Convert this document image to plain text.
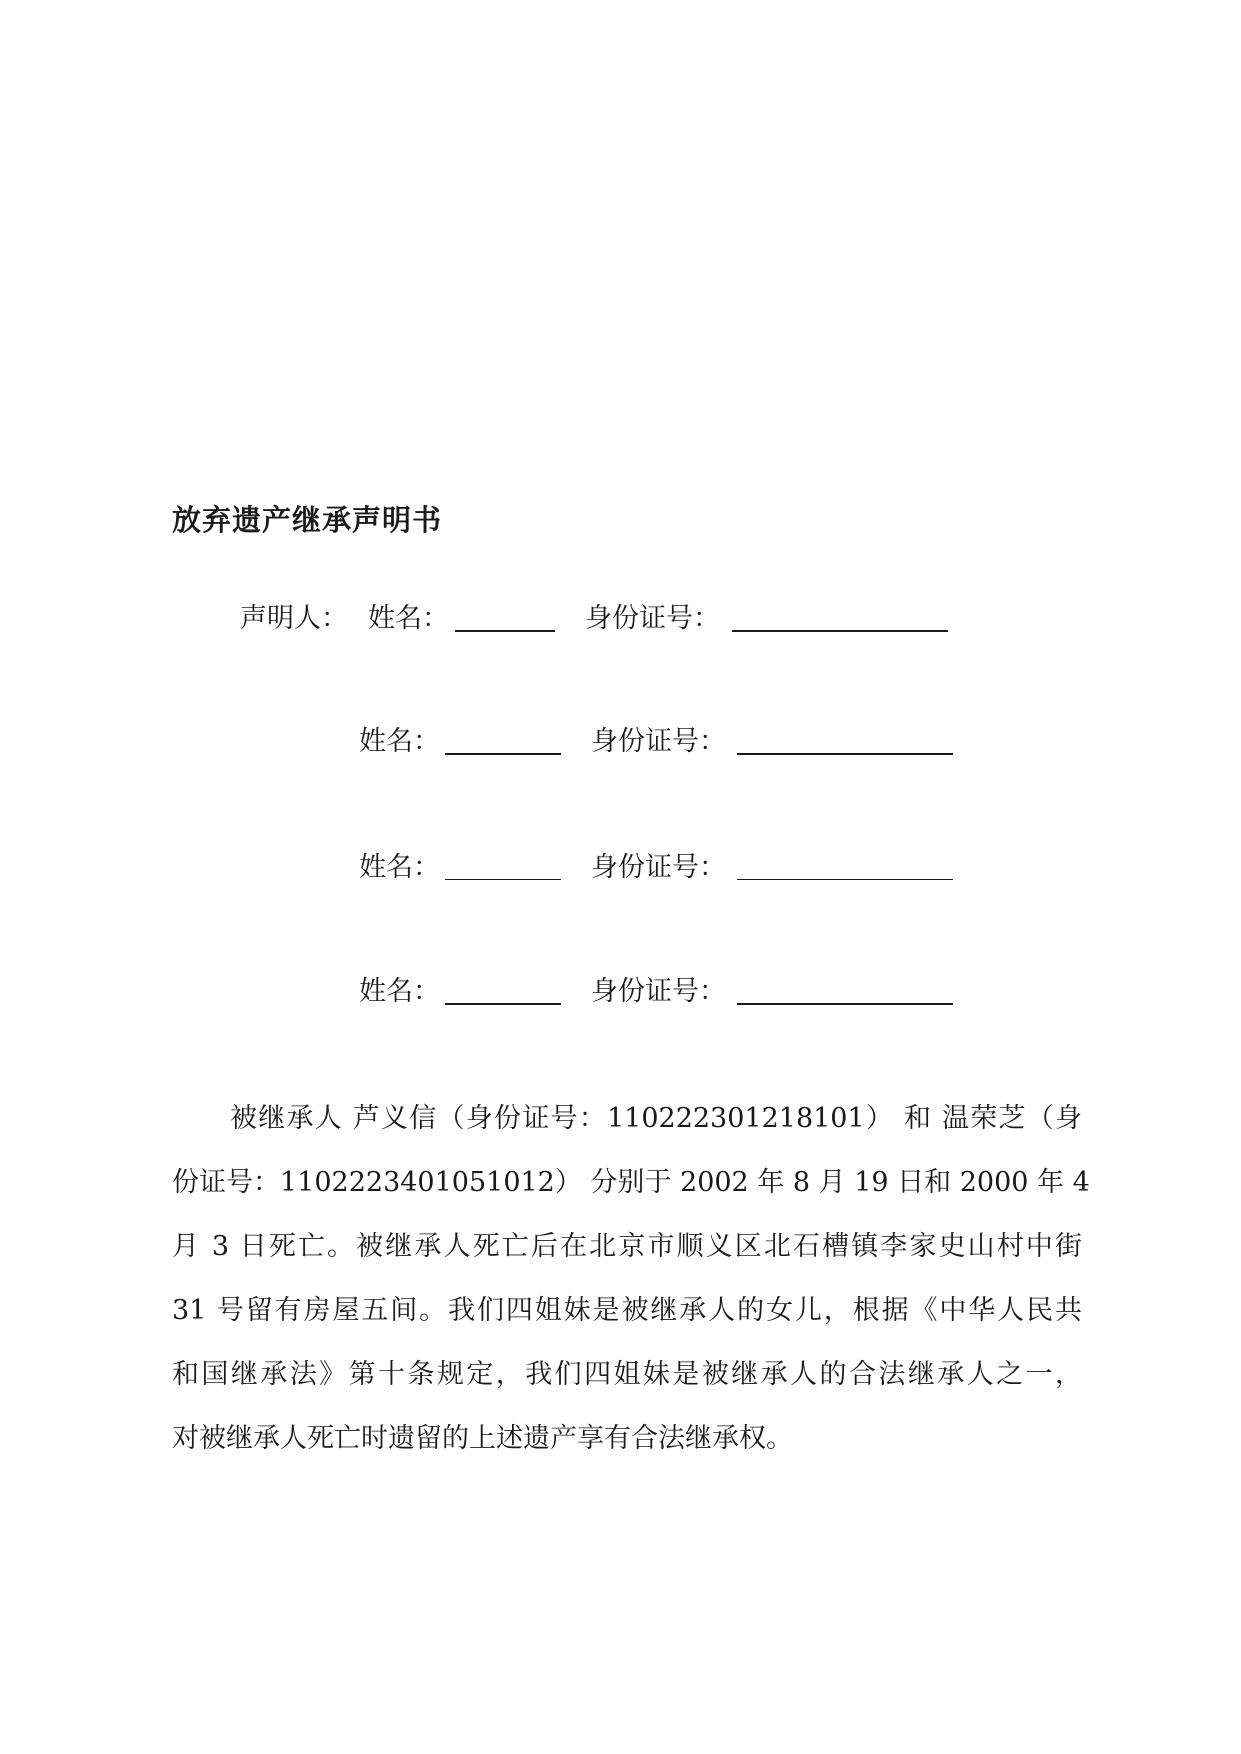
放弃遗产继承声明书
声明人： 姓名：	身份证号：
姓名：	身份证号：
姓名：	身份证号：
姓名：	身份证号：
被继承人 芦义信（身份证号：110222301218101） 和 温荣芝（身
份证号：1102223401051012） 分别于 2002 年 8 月 19 日和 2000 年 4
月 3 日死亡。被继承人死亡后在北京市顺义区北石槽镇李家史山村中街
31 号留有房屋五间。我们四姐妹是被继承人的女儿，根据《中华人民共
和国继承法》第十条规定，我们四姐妹是被继承人的合法继承人之一，
对被继承人死亡时遗留的上述遗产享有合法继承权。
